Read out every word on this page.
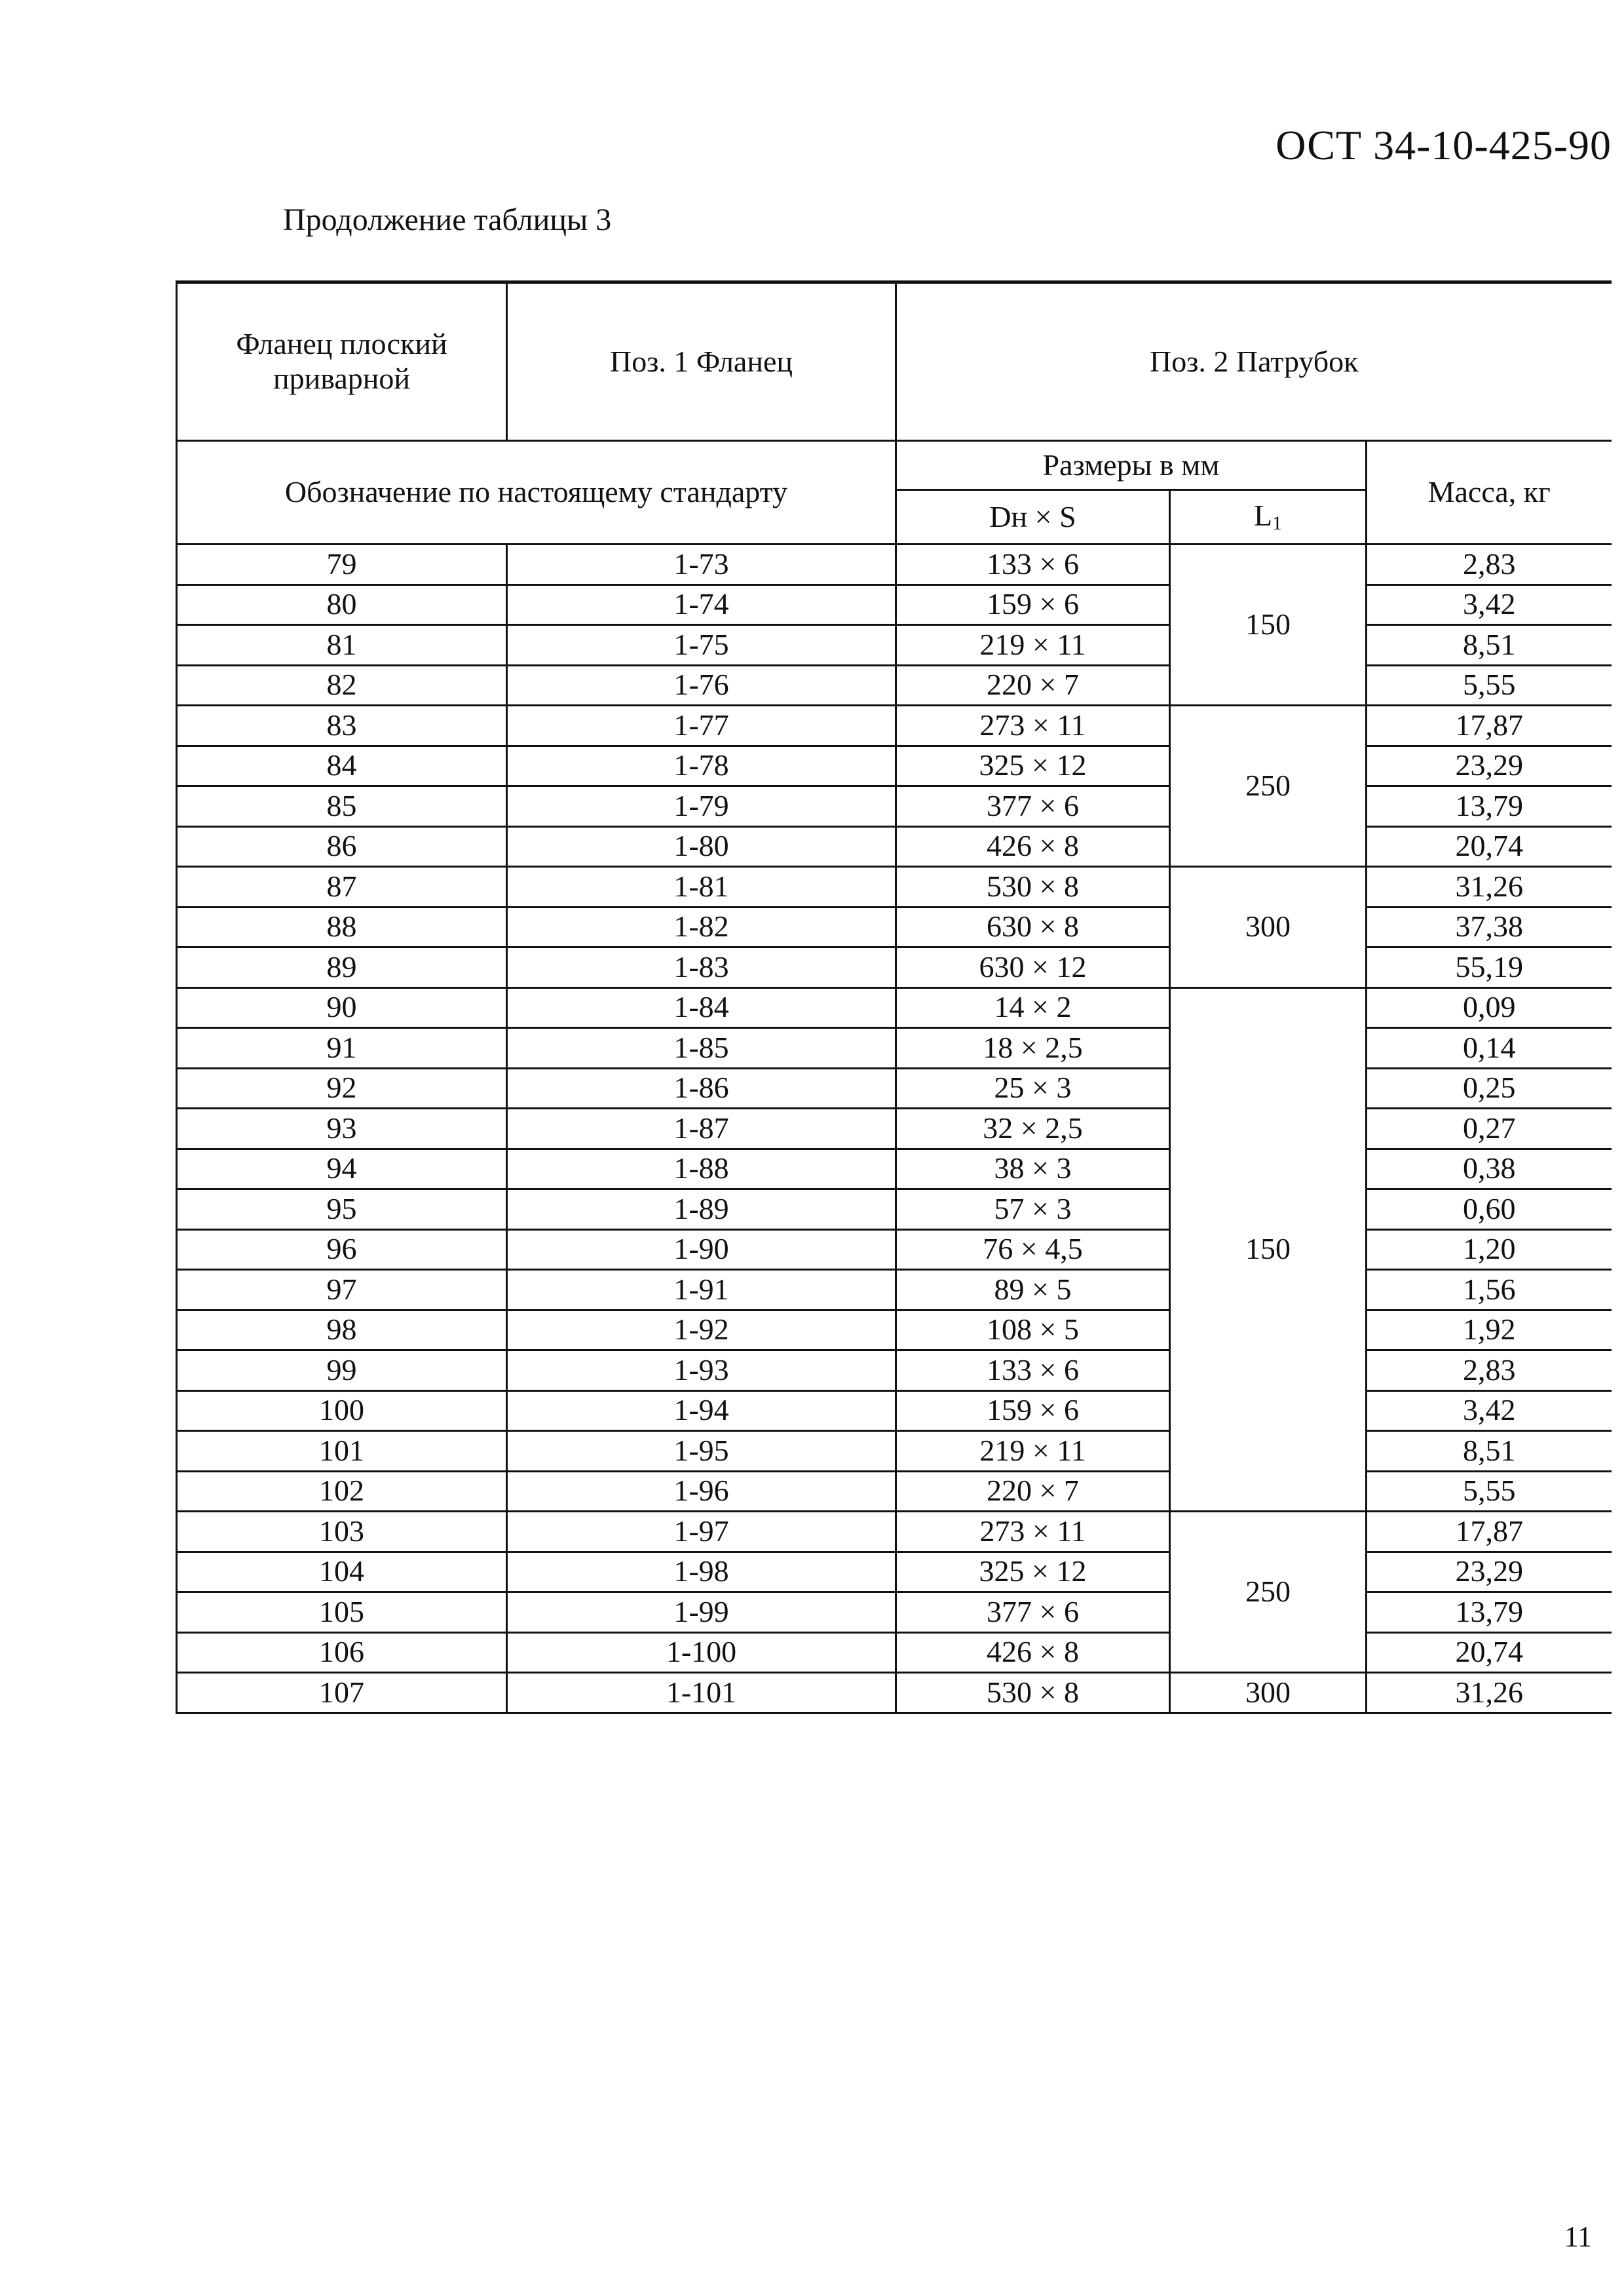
ОСТ 34-10-425-90
Продолжение таблицы 3
Фланец плоский приварной	Поз. 1 Фланец	Поз. 2 Патрубок		
Обозначение по настоящему стандарту		Размеры в мм		Масса, кг
		Dн × S	L1	
79	1-73	133 × 6	150	2,83
80	1-74	159 × 6		3,42
81	1-75	219 × 11		8,51
82	1-76	220 × 7		5,55
83	1-77	273 × 11	250	17,87
84	1-78	325 × 12		23,29
85	1-79	377 × 6		13,79
86	1-80	426 × 8		20,74
87	1-81	530 × 8	300	31,26
88	1-82	630 × 8		37,38
89	1-83	630 × 12		55,19
90	1-84	14 × 2	150	0,09
91	1-85	18 × 2,5		0,14
92	1-86	25 × 3		0,25
93	1-87	32 × 2,5		0,27
94	1-88	38 × 3		0,38
95	1-89	57 × 3		0,60
96	1-90	76 × 4,5		1,20
97	1-91	89 × 5		1,56
98	1-92	108 × 5		1,92
99	1-93	133 × 6		2,83
100	1-94	159 × 6		3,42
101	1-95	219 × 11		8,51
102	1-96	220 × 7		5,55
103	1-97	273 × 11	250	17,87
104	1-98	325 × 12		23,29
105	1-99	377 × 6		13,79
106	1-100	426 × 8		20,74
107	1-101	530 × 8	300	31,26
11
